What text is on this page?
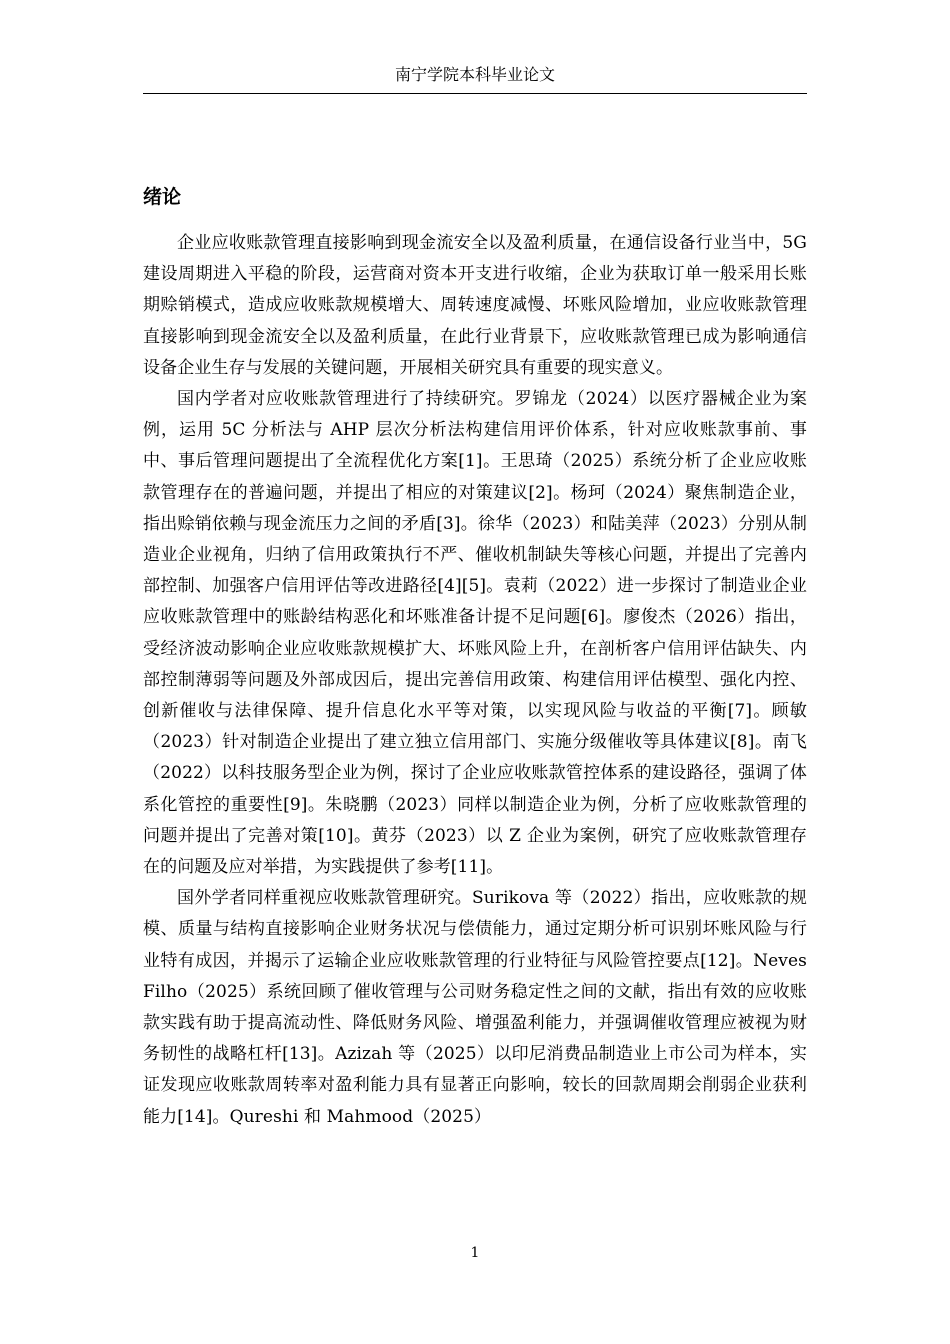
南宁学院本科毕业论文
绪论

企业应收账款管理直接影响到现金流安全以及盈利质量，在通信设备行业当中，5G 建设周期进入平稳的阶段，运营商对资本开支进行收缩，企业为获取订单一般采用长账期赊销模式，造成应收账款规模增大、周转速度减慢、坏账风险增加，业应收账款管理直接影响到现金流安全以及盈利质量，在此行业背景下，应收账款管理已成为影响通信设备企业生存与发展的关键问题，开展相关研究具有重要的现实意义。

国内学者对应收账款管理进行了持续研究。罗锦龙（2024）以医疗器械企业为案例，运用 5C 分析法与 AHP 层次分析法构建信用评价体系，针对应收账款事前、事中、事后管理问题提出了全流程优化方案[1]。王思琦（2025）系统分析了企业应收账款管理存在的普遍问题，并提出了相应的对策建议[2]。杨珂（2024）聚焦制造企业，指出赊销依赖与现金流压力之间的矛盾[3]。徐华（2023）和陆美萍（2023）分别从制造业企业视角，归纳了信用政策执行不严、催收机制缺失等核心问题，并提出了完善内部控制、加强客户信用评估等改进路径[4][5]。袁莉（2022）进一步探讨了制造业企业应收账款管理中的账龄结构恶化和坏账准备计提不足问题[6]。廖俊杰（2026）指出，受经济波动影响企业应收账款规模扩大、坏账风险上升，在剖析客户信用评估缺失、内部控制薄弱等问题及外部成因后，提出完善信用政策、构建信用评估模型、强化内控、创新催收与法律保障、提升信息化水平等对策，以实现风险与收益的平衡[7]。顾敏（2023）针对制造企业提出了建立独立信用部门、实施分级催收等具体建议[8]。南飞（2022）以科技服务型企业为例，探讨了企业应收账款管控体系的建设路径，强调了体系化管控的重要性[9]。朱晓鹏（2023）同样以制造企业为例，分析了应收账款管理的问题并提出了完善对策[10]。黄芬（2023）以 Z 企业为案例，研究了应收账款管理存在的问题及应对举措，为实践提供了参考[11]。

国外学者同样重视应收账款管理研究。Surikova 等（2022）指出，应收账款的规模、质量与结构直接影响企业财务状况与偿债能力，通过定期分析可识别坏账风险与行业特有成因，并揭示了运输企业应收账款管理的行业特征与风险管控要点[12]。Neves Filho（2025）系统回顾了催收管理与公司财务稳定性之间的文献，指出有效的应收账款实践有助于提高流动性、降低财务风险、增强盈利能力，并强调催收管理应被视为财务韧性的战略杠杆[13]。Azizah 等（2025）以印尼消费品制造业上市公司为样本，实证发现应收账款周转率对盈利能力具有显著正向影响，较长的回款周期会削弱企业获利能力[14]。Qureshi 和 Mahmood（2025）

1
